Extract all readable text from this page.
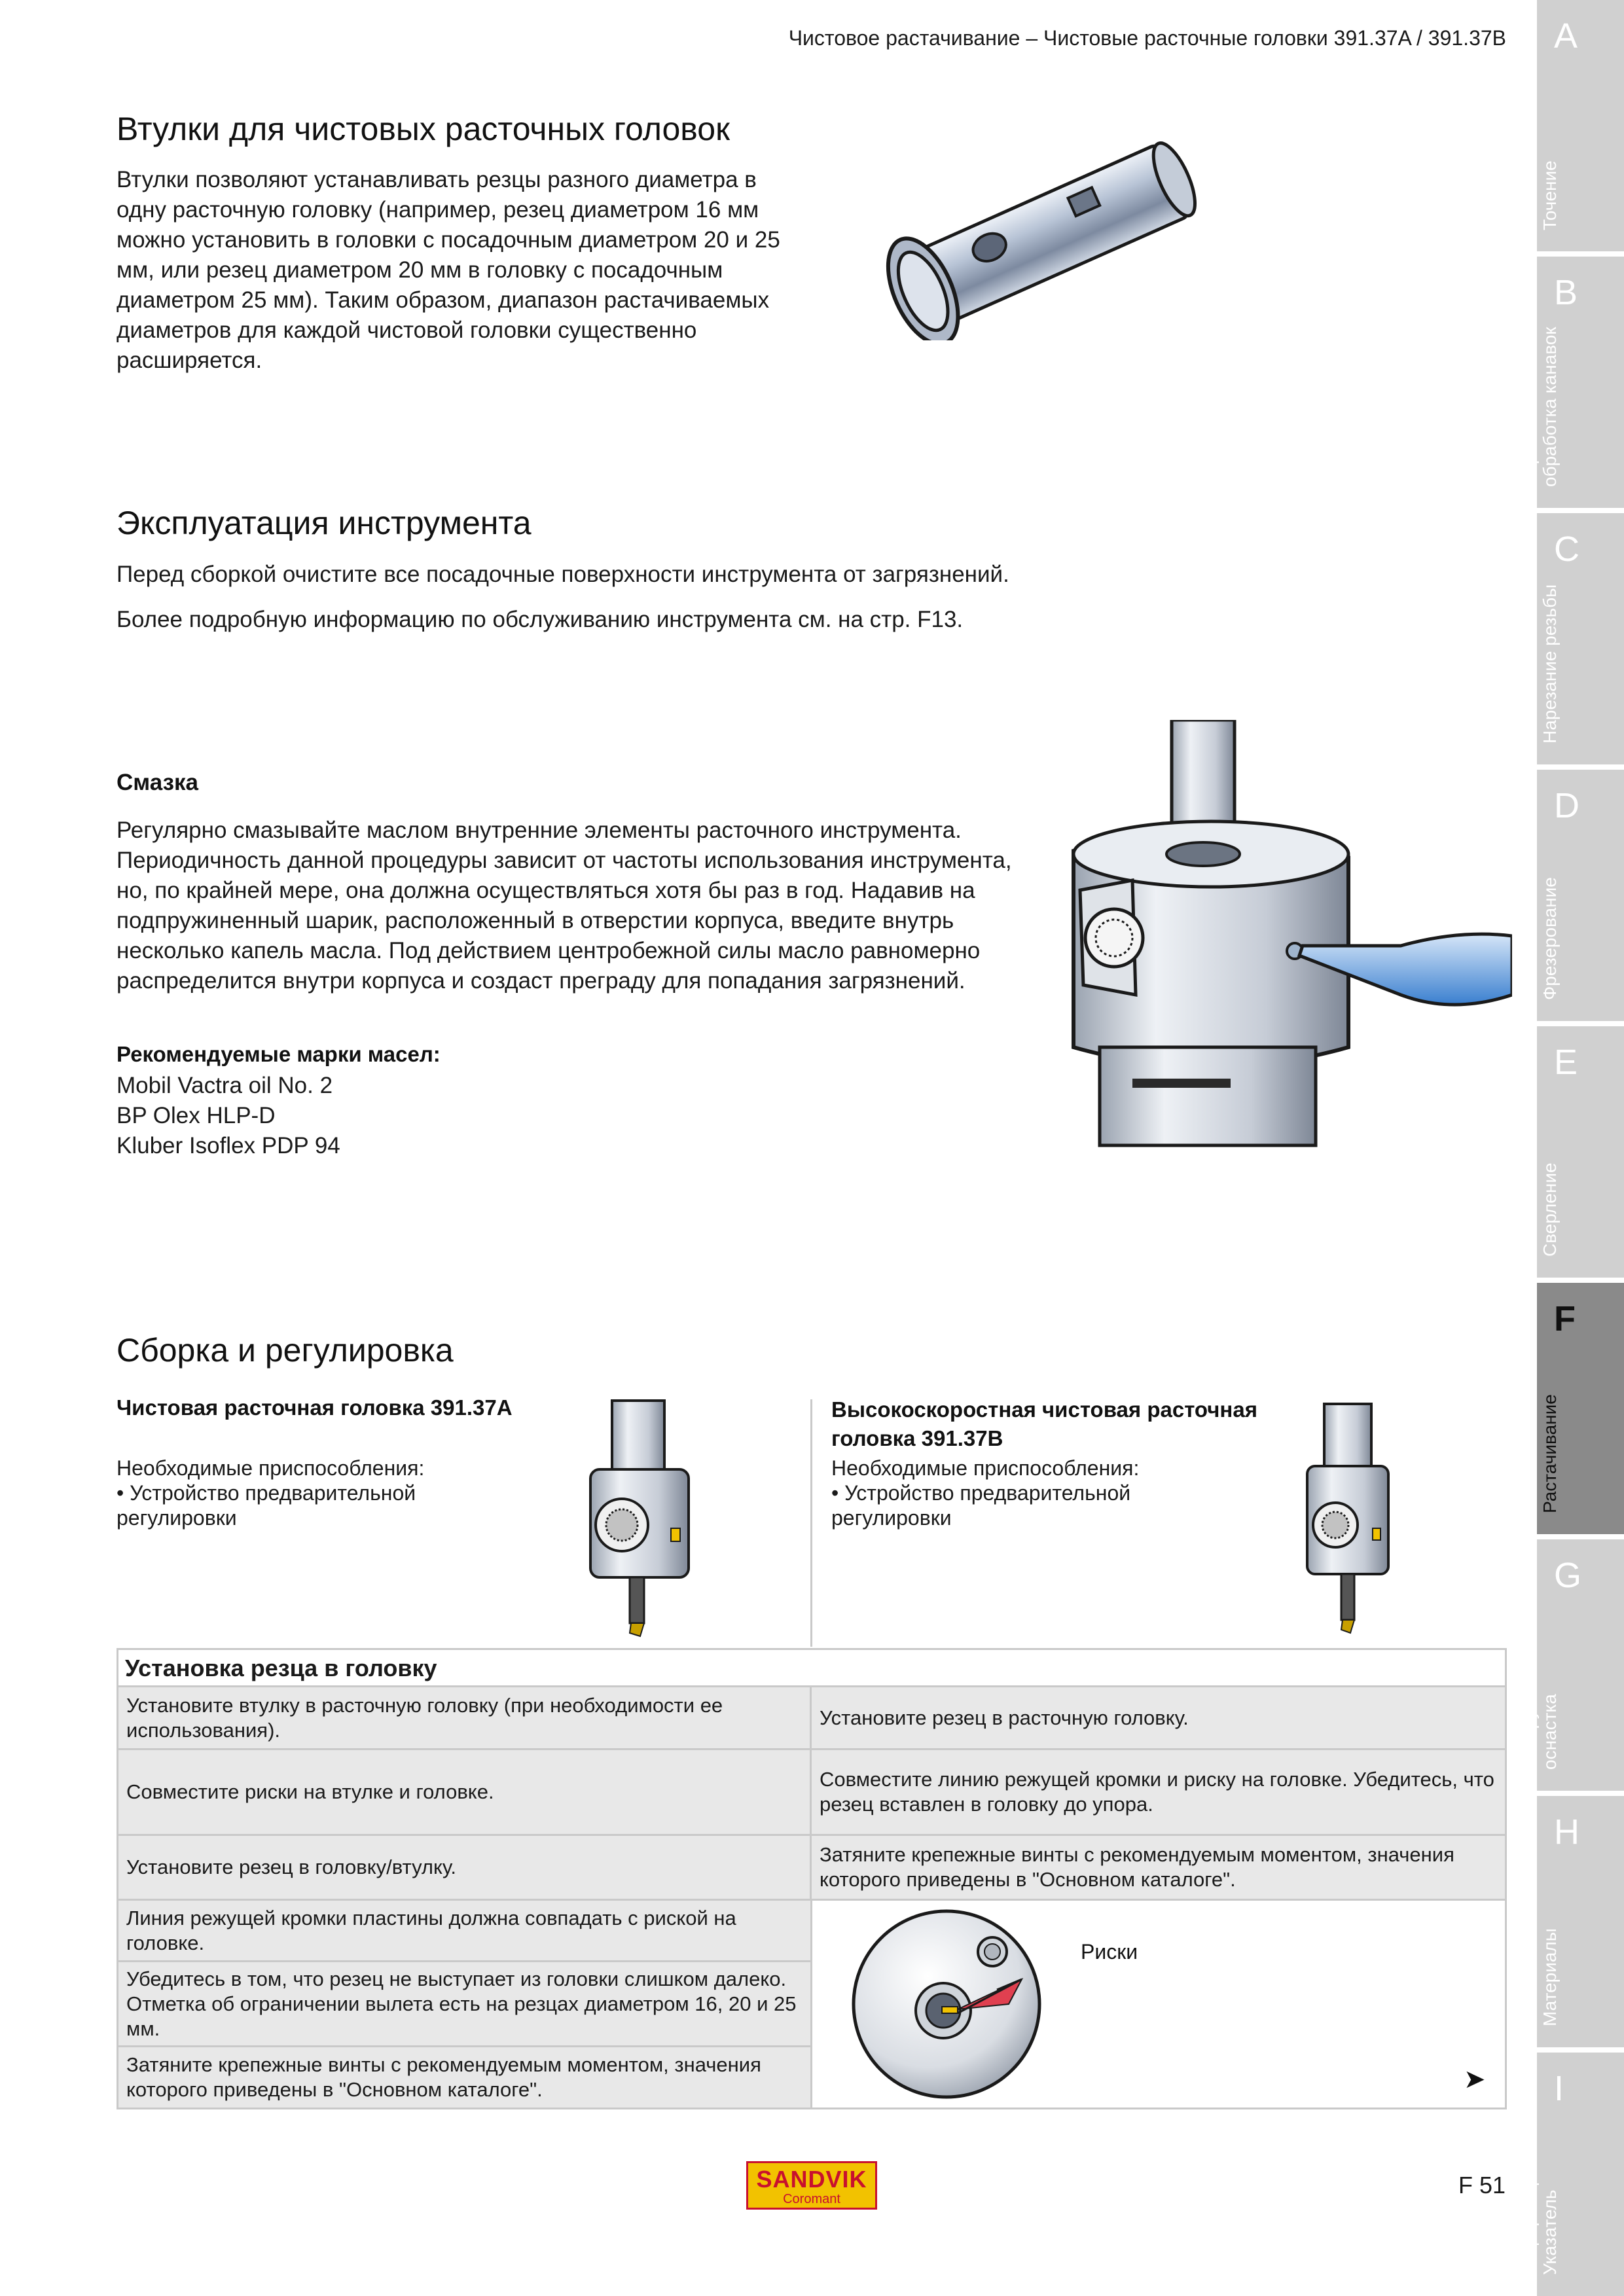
Чистовое растачивание – Чистовые расточные головки 391.37A / 391.37B
Втулки для чистовых расточных головок

Втулки позволяют устанавливать резцы разного диаметра в одну расточную головку (например, резец диаметром 16 мм можно установить в головки с посадочным диаметром 20 и 25 мм, или резец диаметром 20 мм в головку с посадочным диаметром 25 мм). Таким образом, диапазон растачиваемых диаметров для каждой чистовой головки существенно расширяется.

Эксплуатация инструмента

Перед сборкой очистите все посадочные поверхности инструмента от загрязнений.

Более подробную информацию по обслуживанию инструмента см. на стр. F13.

Смазка

Регулярно смазывайте маслом внутренние элементы расточного инструмента. Периодичность данной процедуры зависит от частоты использования инструмента, но, по крайней мере, она должна осуществляться хотя бы раз в год. Надавив на подпружиненный шарик, расположенный в отверстии корпуса, введите внутрь несколько капель масла. Под действием центробежной силы масло равномерно распределится внутри корпуса и создаст преграду для попадания загрязнений.

Рекомендуемые марки масел:
Mobil Vactra oil No. 2
BP Olex HLP-D
Kluber Isoflex PDP 94
Сборка и регулировка
Чистовая расточная головка 391.37A
Необходимые приспособления:
• Устройство предварительной регулировки
Высокоскоростная чистовая расточная головка 391.37B
Необходимые приспособления:
• Устройство предварительной регулировки
Установка резца в головку
Установите втулку в расточную головку (при необходимости ее использования).
Установите резец в расточную головку.
Совместите риски на втулке и головке.
Совместите линию режущей кромки и риску на головке. Убедитесь, что резец вставлен в головку до упора.
Установите резец в головку/втулку.
Затяните крепежные винты с рекомендуемым моментом, значения которого приведены в "Основном каталоге".
Линия режущей кромки пластины должна совпадать с риской на головке.
Убедитесь в том, что резец не выступает из головки слишком далеко. Отметка об ограничении вылета есть на резцах диаметром 16, 20 и 25 мм.
Затяните крепежные винты с рекомендуемым моментом, значения которого приведены в "Основном каталоге".
Риски
➤
SANDVIK
Coromant
F 51
A
Точение
B
Отрезка и обработка канавок
C
Нарезание резьбы
D
Фрезерование
E
Сверление
F
Растачивание
G
Инструментальная оснастка
H
Материалы
I
Информация/ Указатель
